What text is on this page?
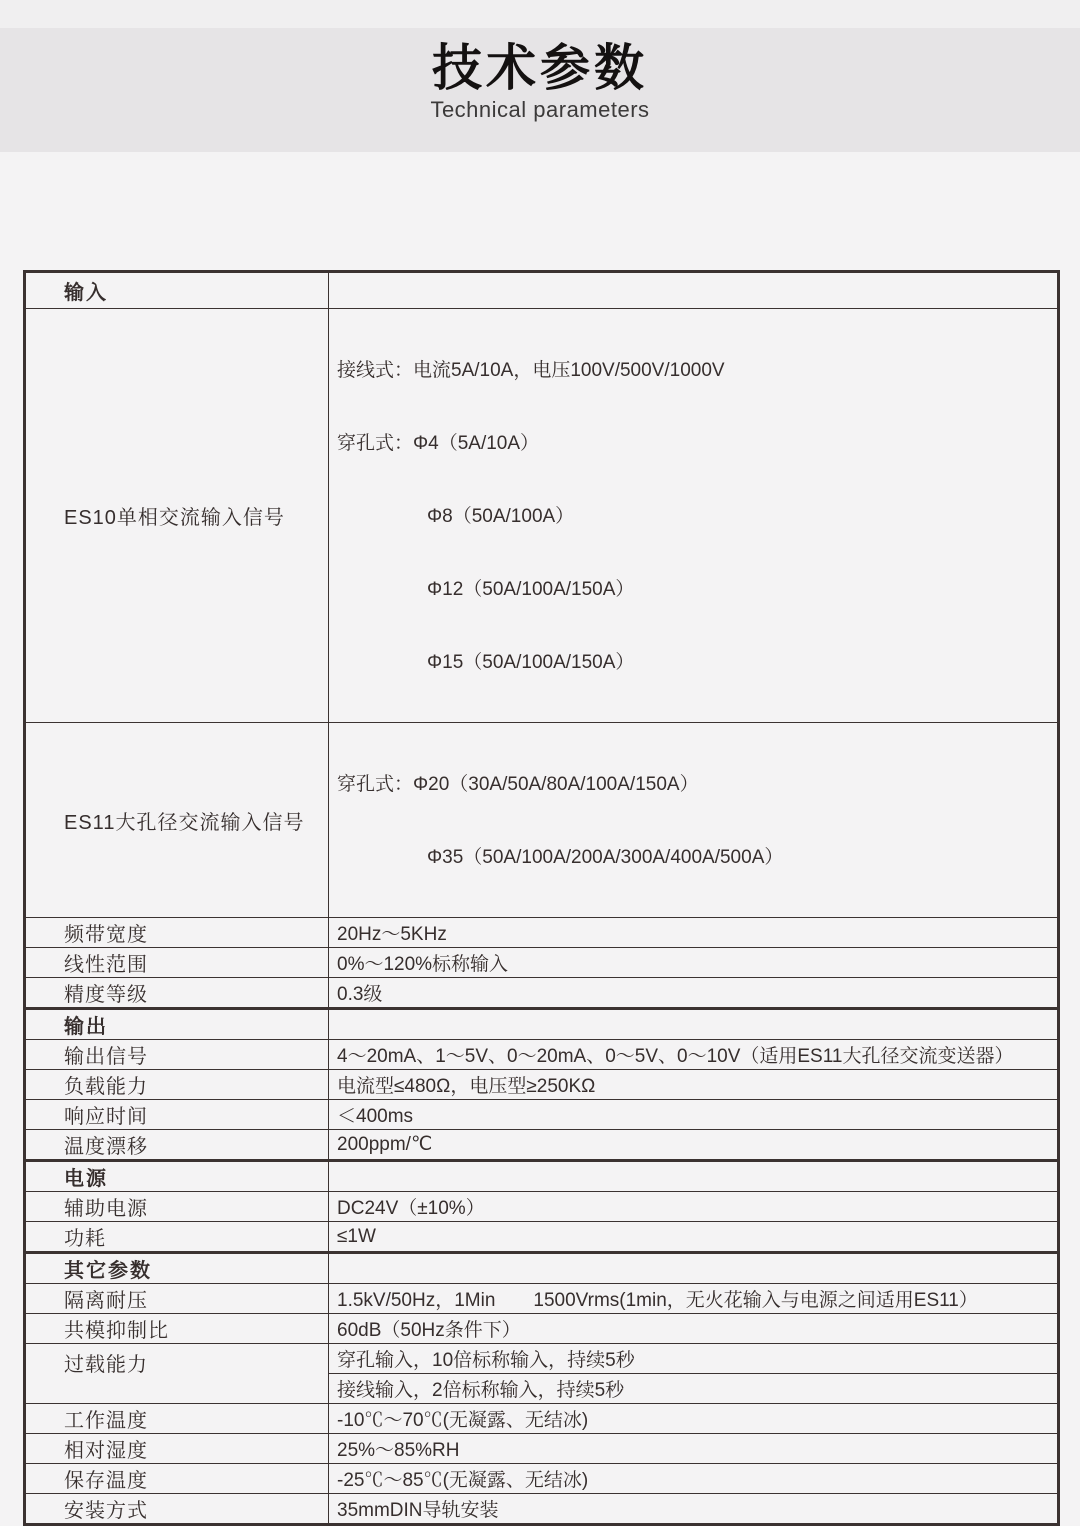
技术参数
Technical parameters
输入	
ES10单相交流输入信号	接线式：电流5A/10A，电压100V/500V/1000V

穿孔式：Φ4（5A/10A）

Φ8（50A/100A）

Φ12（50A/100A/150A）

Φ15（50A/100A/150A）

ES11大孔径交流输入信号	穿孔式：Φ20（30A/50A/80A/100A/150A）

Φ35（50A/100A/200A/300A/400A/500A）

频带宽度	20Hz～5KHz
线性范围	0%～120%标称输入
精度等级	0.3级
输出	
输出信号	4～20mA、1～5V、0～20mA、0～5V、0～10V（适用ES11大孔径交流变送器）
负载能力	电流型≤480Ω，电压型≥250KΩ
响应时间	＜400ms
温度漂移	200ppm/℃
电源	
辅助电源	DC24V（±10%）
功耗	≤1W
其它参数	
隔离耐压	1.5kV/50Hz，1Min　　1500Vrms(1min，无火花输入与电源之间适用ES11）
共模抑制比	60dB（50Hz条件下）
过载能力	穿孔输入，10倍标称输入，持续5秒
	接线输入，2倍标称输入，持续5秒
工作温度	-10℃～70℃(无凝露、无结冰)
相对湿度	25%～85%RH
保存温度	-25℃～85℃(无凝露、无结冰)
安装方式	35mmDIN导轨安装
